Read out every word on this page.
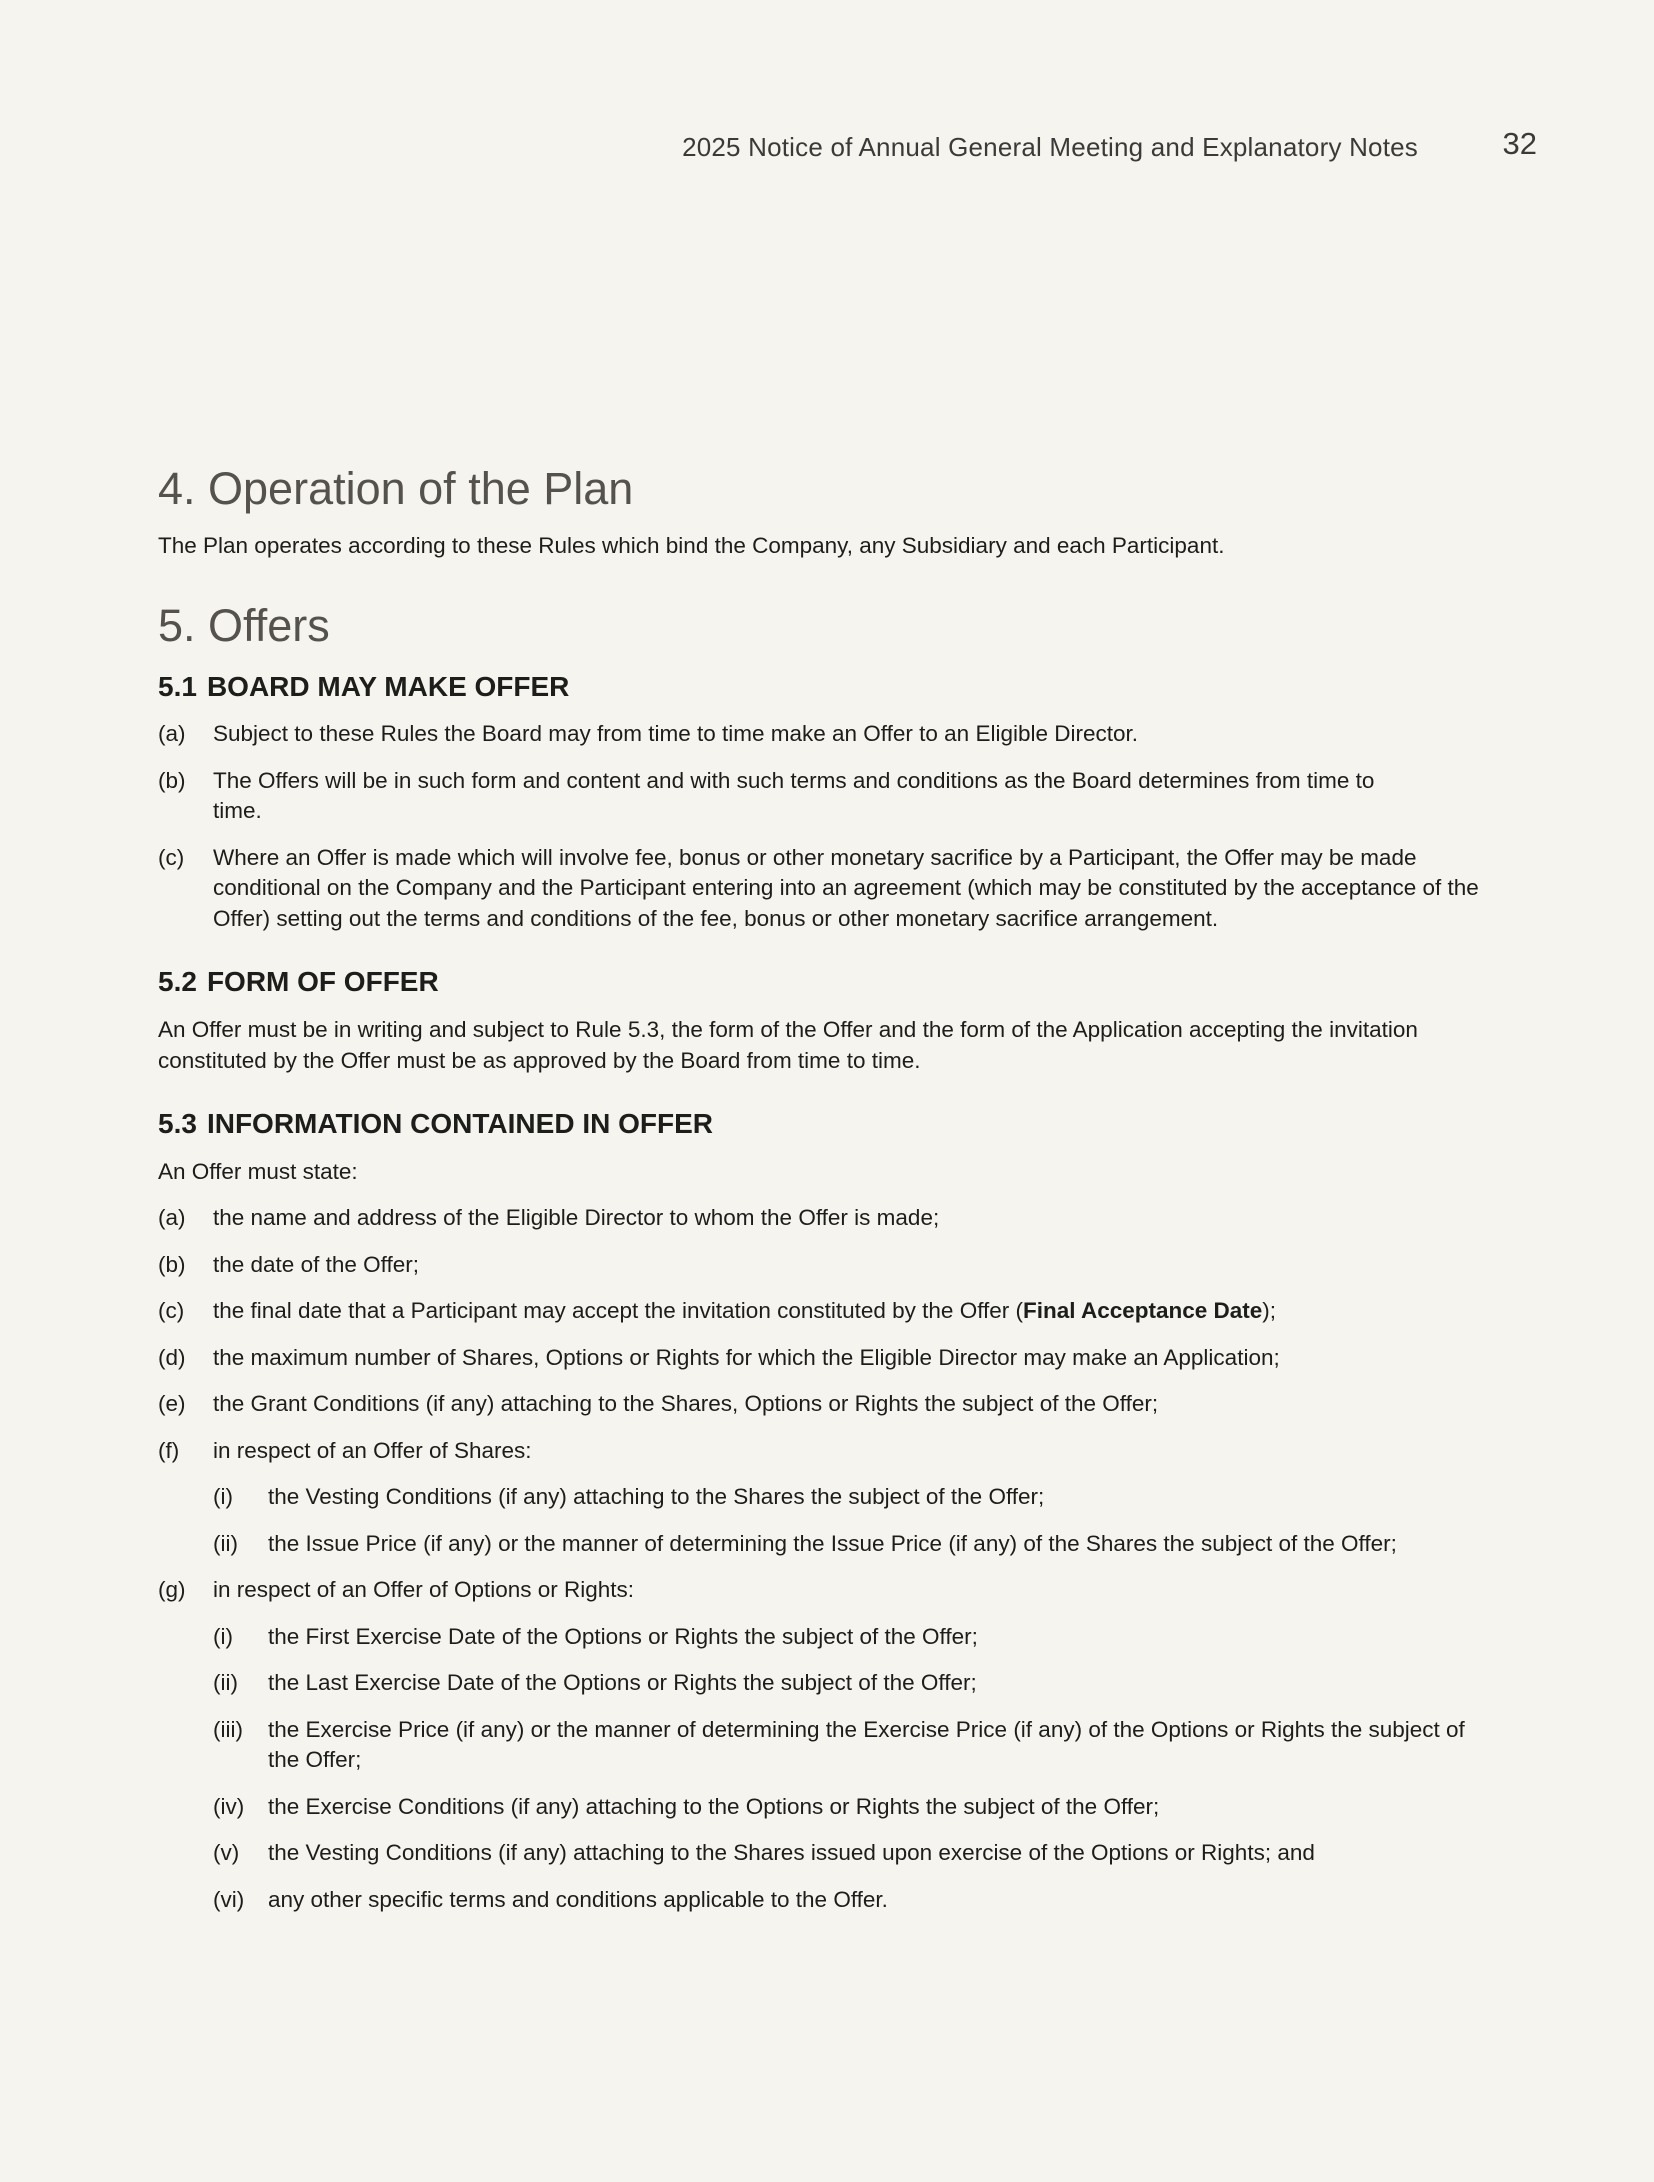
2025 Notice of Annual General Meeting and Explanatory Notes	32
4. Operation of the Plan

The Plan operates according to these Rules which bind the Company, any Subsidiary and each Participant.

5. Offers
5.1 BOARD MAY MAKE OFFER
(a) Subject to these Rules the Board may from time to time make an Offer to an Eligible Director.
(b) The Offers will be in such form and content and with such terms and conditions as the Board determines from time to time.
(c) Where an Offer is made which will involve fee, bonus or other monetary sacrifice by a Participant, the Offer may be made conditional on the Company and the Participant entering into an agreement (which may be constituted by the acceptance of the Offer) setting out the terms and conditions of the fee, bonus or other monetary sacrifice arrangement.
5.2 FORM OF OFFER

An Offer must be in writing and subject to Rule 5.3, the form of the Offer and the form of the Application accepting the invitation constituted by the Offer must be as approved by the Board from time to time.

5.3 INFORMATION CONTAINED IN OFFER

An Offer must state:

(a) the name and address of the Eligible Director to whom the Offer is made;
(b) the date of the Offer;
(c) the final date that a Participant may accept the invitation constituted by the Offer (Final Acceptance Date);
(d) the maximum number of Shares, Options or Rights for which the Eligible Director may make an Application;
(e) the Grant Conditions (if any) attaching to the Shares, Options or Rights the subject of the Offer;
(f) in respect of an Offer of Shares:
(i) the Vesting Conditions (if any) attaching to the Shares the subject of the Offer;
(ii) the Issue Price (if any) or the manner of determining the Issue Price (if any) of the Shares the subject of the Offer;
(g) in respect of an Offer of Options or Rights:
(i) the First Exercise Date of the Options or Rights the subject of the Offer;
(ii) the Last Exercise Date of the Options or Rights the subject of the Offer;
(iii) the Exercise Price (if any) or the manner of determining the Exercise Price (if any) of the Options or Rights the subject of the Offer;
(iv) the Exercise Conditions (if any) attaching to the Options or Rights the subject of the Offer;
(v) the Vesting Conditions (if any) attaching to the Shares issued upon exercise of the Options or Rights; and
(vi) any other specific terms and conditions applicable to the Offer.
